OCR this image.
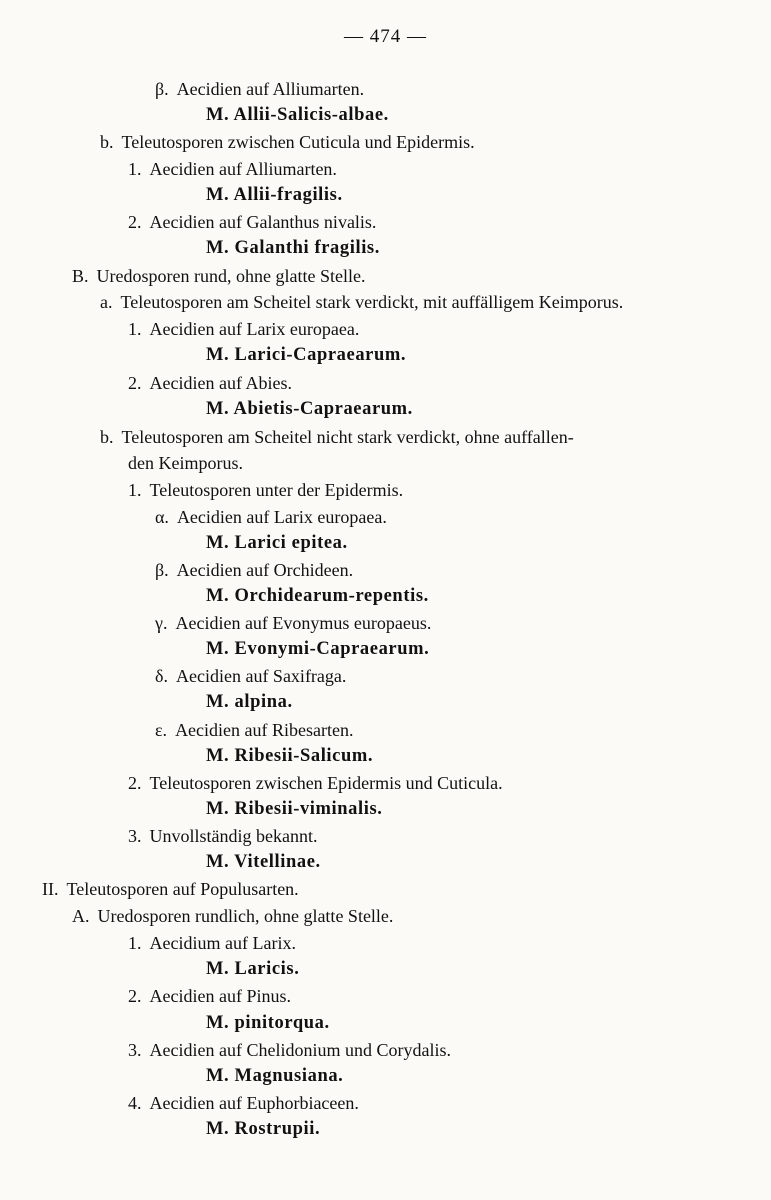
— 474 —
β. Aecidien auf Alliumarten.
M. Allii-Salicis-albae.
b. Teleutosporen zwischen Cuticula und Epidermis.
1. Aecidien auf Alliumarten.
M. Allii-fragilis.
2. Aecidien auf Galanthus nivalis.
M. Galanthi fragilis.
B. Uredosporen rund, ohne glatte Stelle.
a. Teleutosporen am Scheitel stark verdickt, mit auffälligem Keimporus.
1. Aecidien auf Larix europaea.
M. Larici-Capraearum.
2. Aecidien auf Abies.
M. Abietis-Capraearum.
b. Teleutosporen am Scheitel nicht stark verdickt, ohne auffallen-
den Keimporus.
1. Teleutosporen unter der Epidermis.
α. Aecidien auf Larix europaea.
M. Larici epitea.
β. Aecidien auf Orchideen.
M. Orchidearum-repentis.
γ. Aecidien auf Evonymus europaeus.
M. Evonymi-Capraearum.
δ. Aecidien auf Saxifraga.
M. alpina.
ε. Aecidien auf Ribesarten.
M. Ribesii-Salicum.
2. Teleutosporen zwischen Epidermis und Cuticula.
M. Ribesii-viminalis.
3. Unvollständig bekannt.
M. Vitellinae.
II. Teleutosporen auf Populusarten.
A. Uredosporen rundlich, ohne glatte Stelle.
1. Aecidium auf Larix.
M. Laricis.
2. Aecidien auf Pinus.
M. pinitorqua.
3. Aecidien auf Chelidonium und Corydalis.
M. Magnusiana.
4. Aecidien auf Euphorbiaceen.
M. Rostrupii.
